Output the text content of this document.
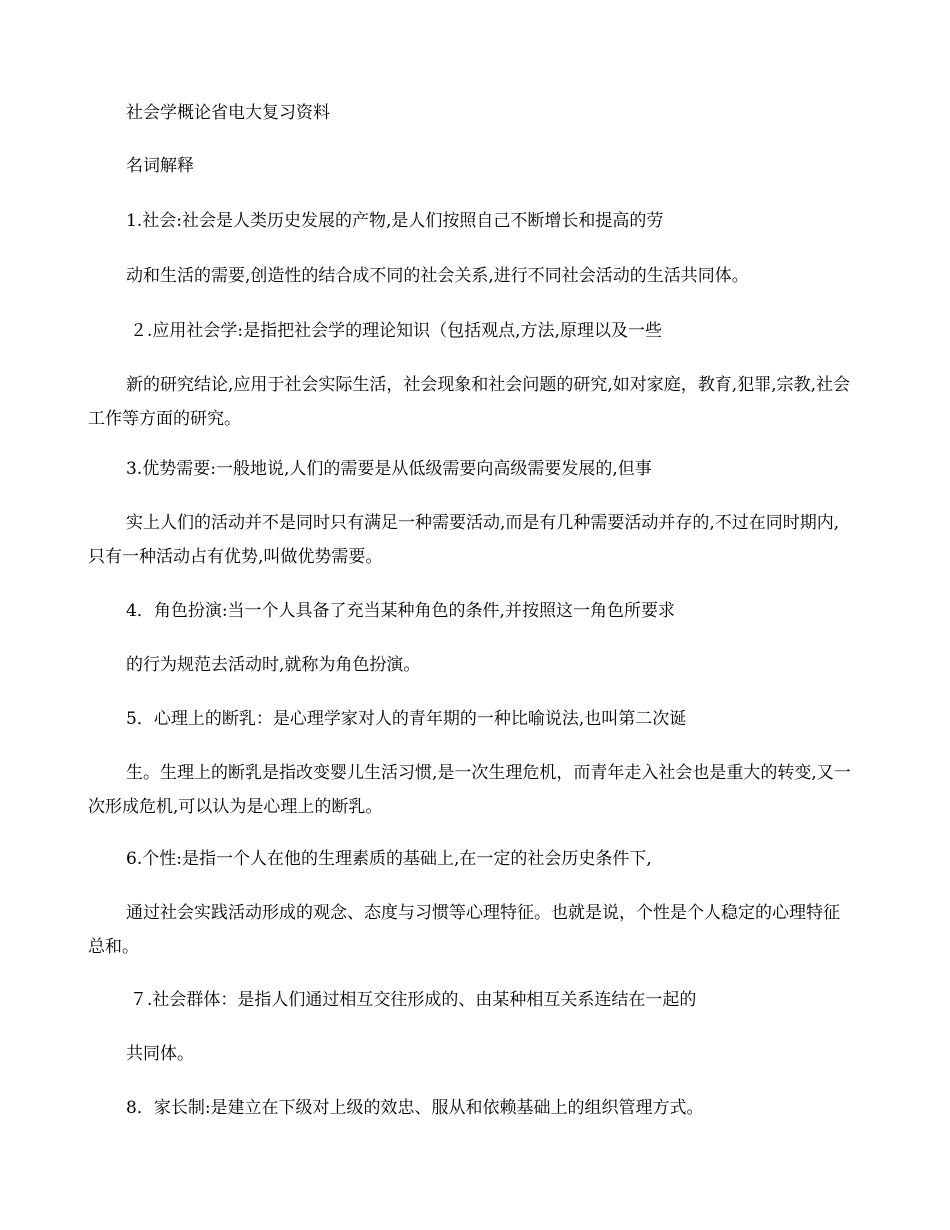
社会学概论省电大复习资料

名词解释

1.社会:社会是人类历史发展的产物,是人们按照自己不断增长和提高的劳

动和生活的需要,创造性的结合成不同的社会关系,进行不同社会活动的生活共同体。

２.应用社会学:是指把社会学的理论知识（包括观点,方法,原理以及一些

新的研究结论,应用于社会实际生活，社会现象和社会问题的研究,如对家庭，教育,犯罪,宗教,社会工作等方面的研究。

3.优势需要:一般地说,人们的需要是从低级需要向高级需要发展的,但事

实上人们的活动并不是同时只有满足一种需要活动,而是有几种需要活动并存的,不过在同时期内,只有一种活动占有优势,叫做优势需要。

4．角色扮演:当一个人具备了充当某种角色的条件,并按照这一角色所要求

的行为规范去活动时,就称为角色扮演。

5．心理上的断乳：是心理学家对人的青年期的一种比喻说法,也叫第二次诞

生。生理上的断乳是指改变婴儿生活习惯,是一次生理危机，而青年走入社会也是重大的转变,又一次形成危机,可以认为是心理上的断乳。

6.个性:是指一个人在他的生理素质的基础上,在一定的社会历史条件下,

通过社会实践活动形成的观念、态度与习惯等心理特征。也就是说，个性是个人稳定的心理特征总和。

７.社会群体：是指人们通过相互交往形成的、由某种相互关系连结在一起的

共同体。

8．家长制:是建立在下级对上级的效忠、服从和依赖基础上的组织管理方式。
